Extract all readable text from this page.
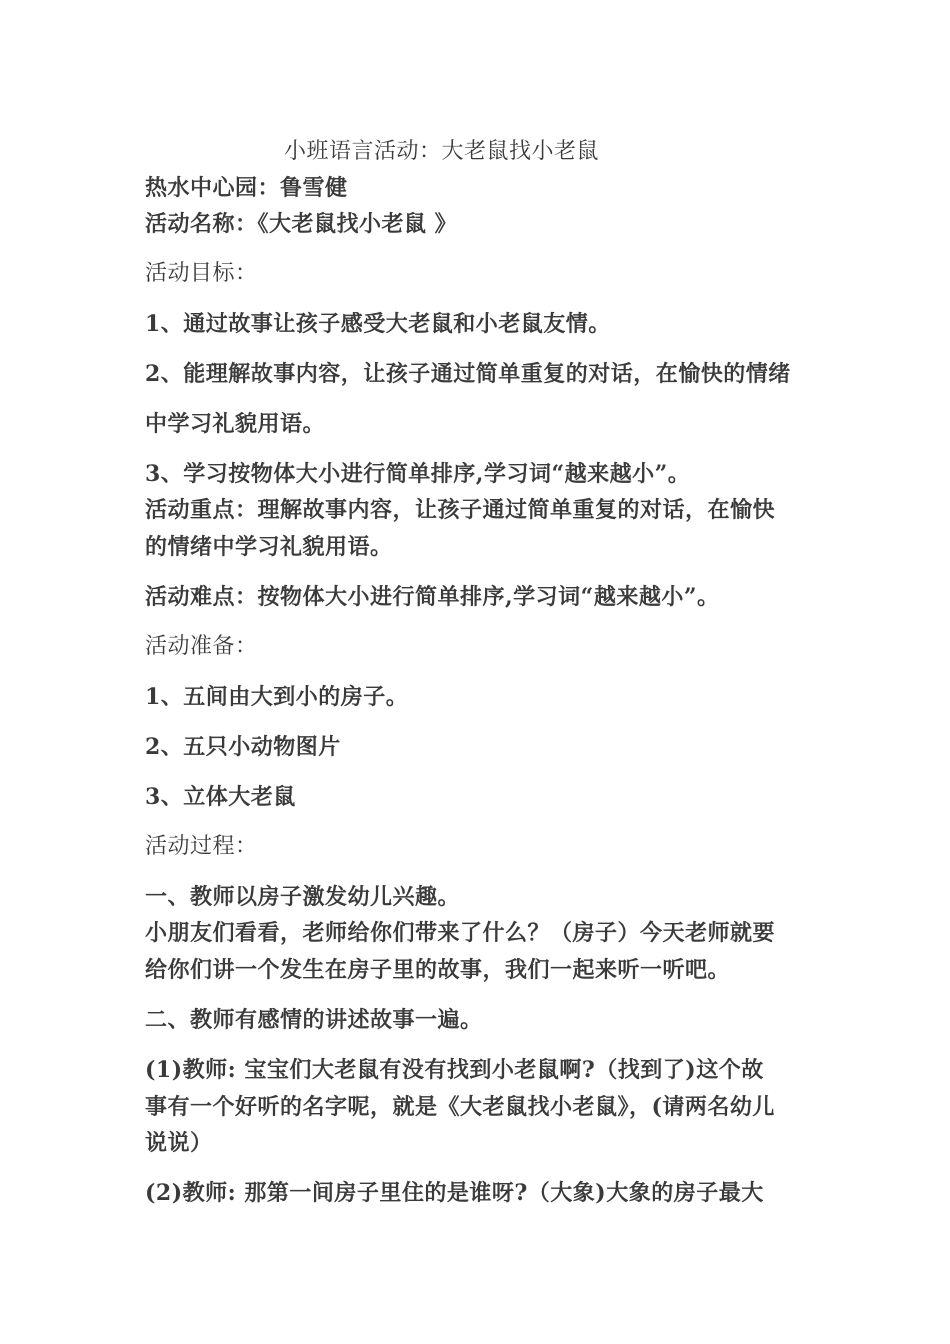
小班语言活动：大老鼠找小老鼠
热水中心园：鲁雪健
活动名称：《大老鼠找小老鼠 》
活动目标：
1、通过故事让孩子感受大老鼠和小老鼠友情。
2、能理解故事内容，让孩子通过简单重复的对话，在愉快的情绪
中学习礼貌用语。
3、学习按物体大小进行简单排序,学习词“越来越小”。
活动重点：理解故事内容，让孩子通过简单重复的对话，在愉快
的情绪中学习礼貌用语。
活动难点：按物体大小进行简单排序,学习词“越来越小”。
活动准备：
1、五间由大到小的房子。
2、五只小动物图片
3、立体大老鼠
活动过程：
一、教师以房子激发幼儿兴趣。
小朋友们看看，老师给你们带来了什么？（房子）今天老师就要
给你们讲一个发生在房子里的故事，我们一起来听一听吧。
二、教师有感情的讲述故事一遍。
(1)教师: 宝宝们大老鼠有没有找到小老鼠啊?（找到了)这个故
事有一个好听的名字呢，就是《大老鼠找小老鼠》，(请两名幼儿
说说）
(2)教师: 那第一间房子里住的是谁呀?（大象)大象的房子最大
